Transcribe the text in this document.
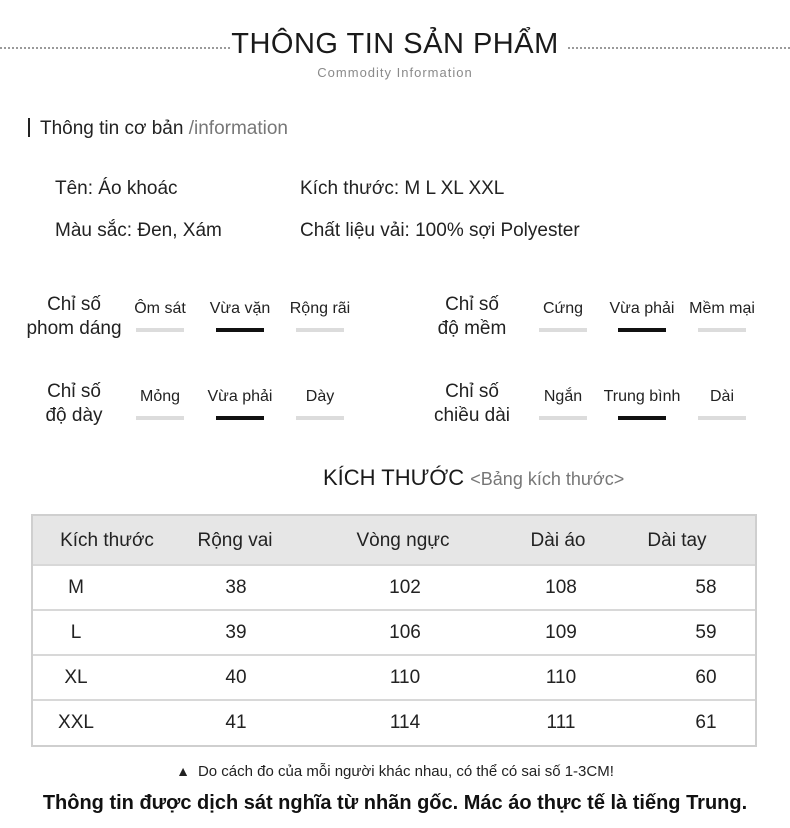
THÔNG TIN SẢN PHẨM
Commodity Information
Thông tin cơ bản /information
Tên: Áo khoác	Kích thước: M L XL XXL
Màu sắc: Đen, Xám	Chất liệu vải: 100% sợi Polyester
Chỉ số
phom dáng
Ôm sát	Vừa vặn	Rộng rãi	Chỉ số
độ mềm
Cứng	Vừa phải Mềm mại
Chỉ số
độ dày
Mỏng	Vừa phải	Dày	Chỉ số
chiều dài
Ngắn	Trung bình	Dài
KÍCH THƯỚC <Bảng kích thước>
Kích thước	Rộng vai	Vòng ngực	Dài áo	Dài tay
M	38	102	108	58
L	39	106	109	59
XL	40	110	110	60
XXL	41	114	111	61
▲ Do cách đo của mỗi người khác nhau, có thể có sai số 1-3CM!
Thông tin được dịch sát nghĩa từ nhãn gốc. Mác áo thực tế là tiếng Trung.
